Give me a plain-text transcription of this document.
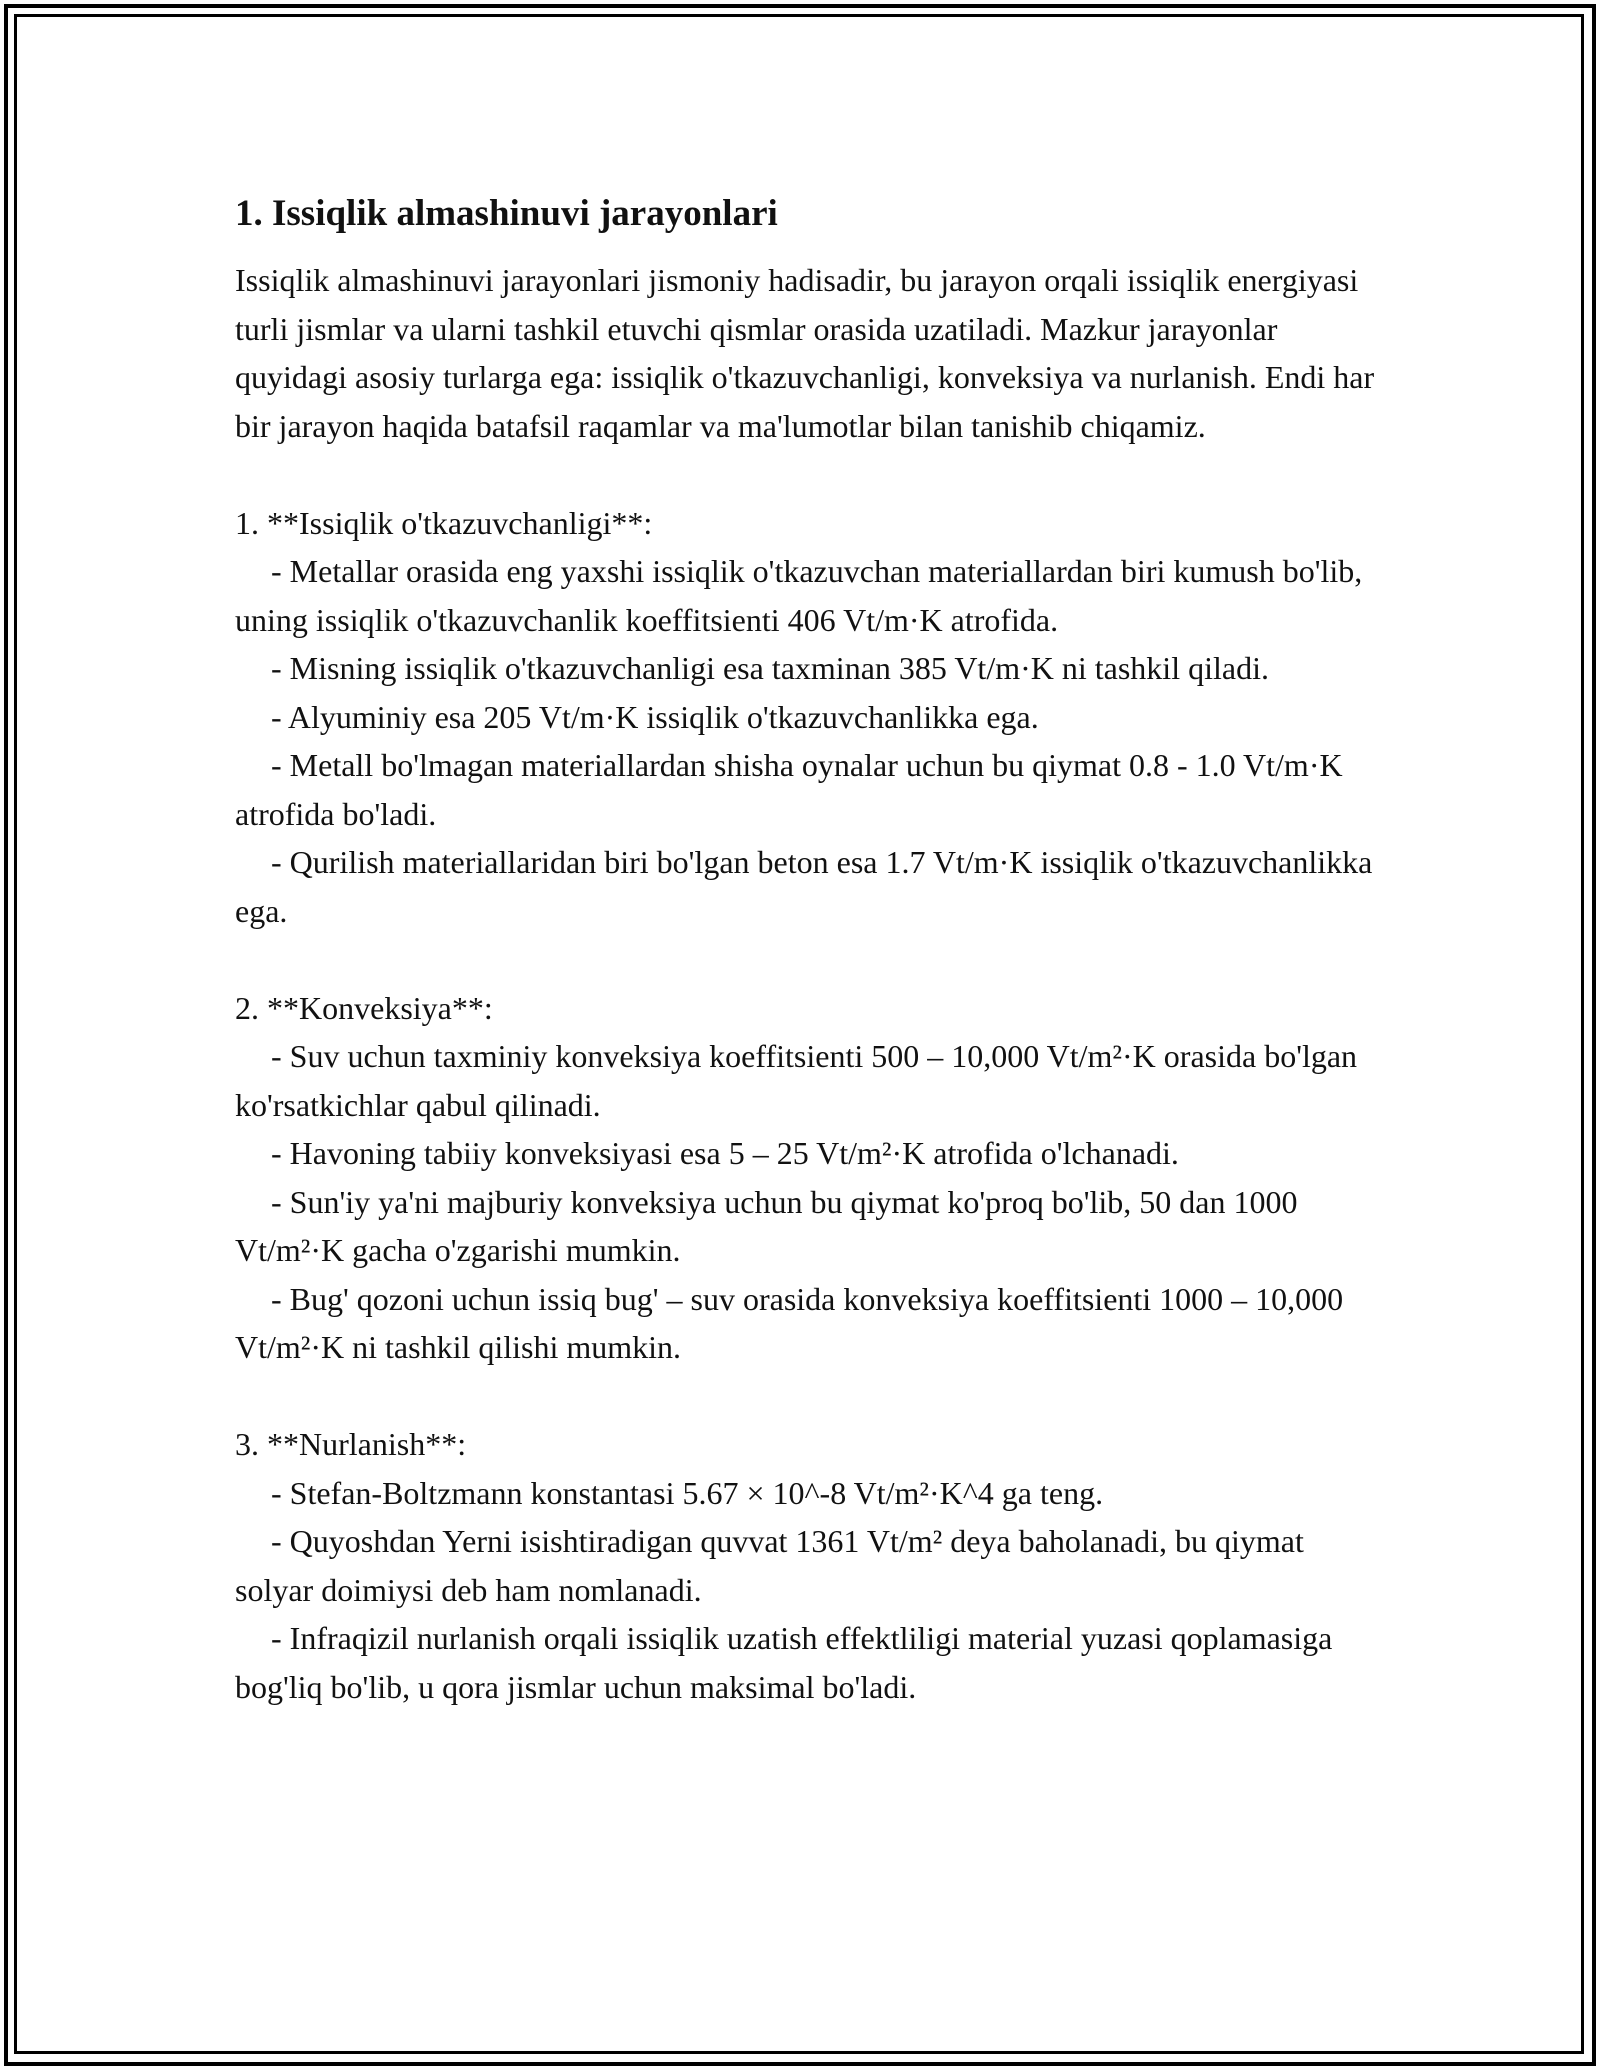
1. Issiqlik almashinuvi jarayonlari

Issiqlik almashinuvi jarayonlari jismoniy hadisadir, bu jarayon orqali issiqlik energiyasi turli jismlar va ularni tashkil etuvchi qismlar orasida uzatiladi. Mazkur jarayonlar quyidagi asosiy turlarga ega: issiqlik o'tkazuvchanligi, konveksiya va nurlanish. Endi har bir jarayon haqida batafsil raqamlar va ma'lumotlar bilan tanishib chiqamiz.

1. **Issiqlik o'tkazuvchanligi**:

- Metallar orasida eng yaxshi issiqlik o'tkazuvchan materiallardan biri kumush bo'lib, uning issiqlik o'tkazuvchanlik koeffitsienti 406 Vt/m·K atrofida.

- Misning issiqlik o'tkazuvchanligi esa taxminan 385 Vt/m·K ni tashkil qiladi.

- Alyuminiy esa 205 Vt/m·K issiqlik o'tkazuvchanlikka ega.

- Metall bo'lmagan materiallardan shisha oynalar uchun bu qiymat 0.8 - 1.0 Vt/m·K atrofida bo'ladi.

- Qurilish materiallaridan biri bo'lgan beton esa 1.7 Vt/m·K issiqlik o'tkazuvchanlikka ega.

2. **Konveksiya**:

- Suv uchun taxminiy konveksiya koeffitsienti 500 – 10,000 Vt/m²·K orasida bo'lgan ko'rsatkichlar qabul qilinadi.

- Havoning tabiiy konveksiyasi esa 5 – 25 Vt/m²·K atrofida o'lchanadi.

- Sun'iy ya'ni majburiy konveksiya uchun bu qiymat ko'proq bo'lib, 50 dan 1000 Vt/m²·K gacha o'zgarishi mumkin.

- Bug' qozoni uchun issiq bug' – suv orasida konveksiya koeffitsienti 1000 – 10,000 Vt/m²·K ni tashkil qilishi mumkin.

3. **Nurlanish**:

- Stefan-Boltzmann konstantasi 5.67 × 10^-8 Vt/m²·K^4 ga teng.

- Quyoshdan Yerni isishtiradigan quvvat 1361 Vt/m² deya baholanadi, bu qiymat solyar doimiysi deb ham nomlanadi.

- Infraqizil nurlanish orqali issiqlik uzatish effektliligi material yuzasi qoplamasiga bog'liq bo'lib, u qora jismlar uchun maksimal bo'ladi.
